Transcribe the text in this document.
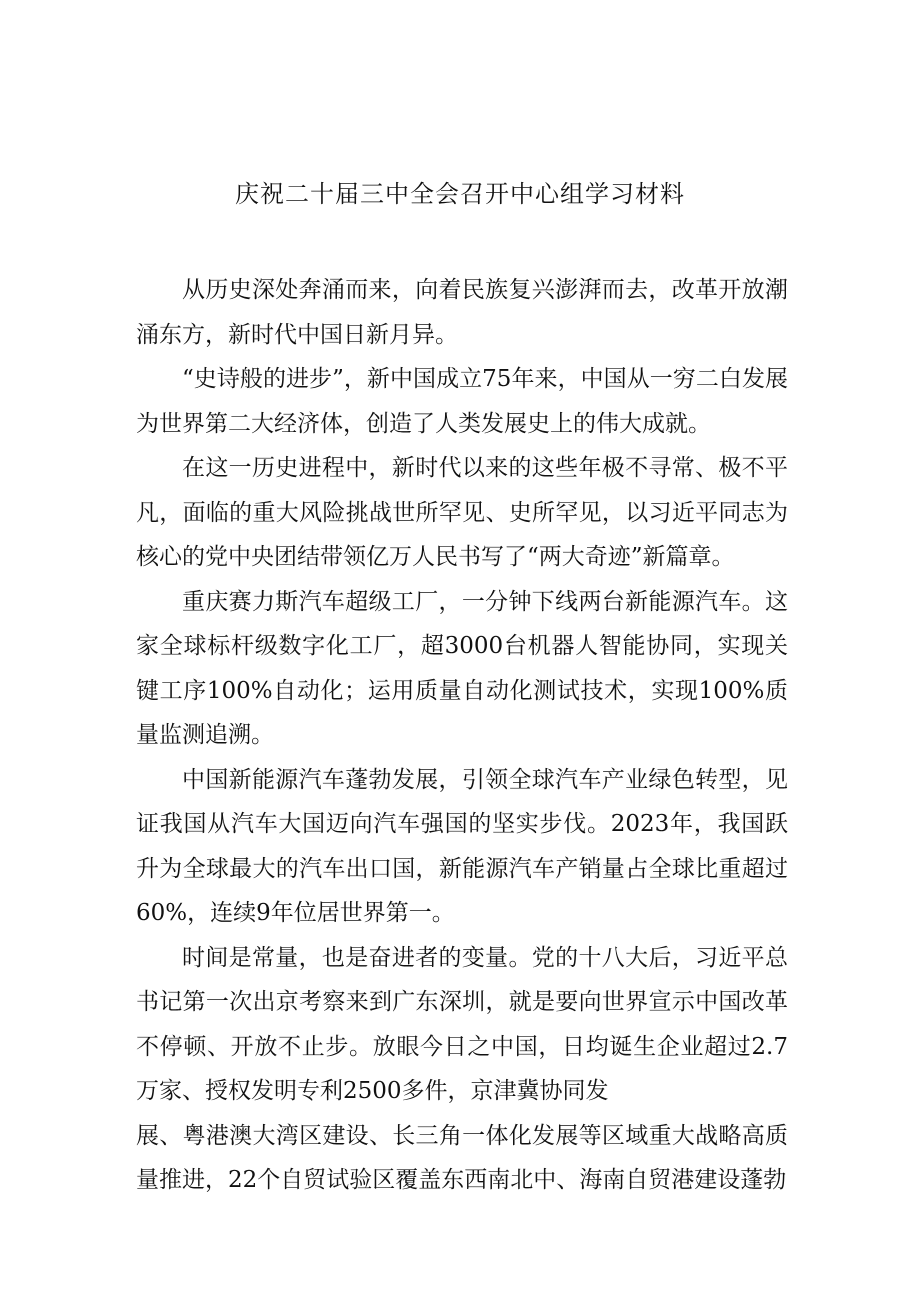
庆祝二十届三中全会召开中心组学习材料

从历史深处奔涌而来，向着民族复兴澎湃而去，改革开放潮涌东方，新时代中国日新月异。

“史诗般的进步”，新中国成立75年来，中国从一穷二白发展为世界第二大经济体，创造了人类发展史上的伟大成就。

在这一历史进程中，新时代以来的这些年极不寻常、极不平凡，面临的重大风险挑战世所罕见、史所罕见，以习近平同志为核心的党中央团结带领亿万人民书写了“两大奇迹”新篇章。

重庆赛力斯汽车超级工厂，一分钟下线两台新能源汽车。这家全球标杆级数字化工厂，超3000台机器人智能协同，实现关键工序100%自动化；运用质量自动化测试技术，实现100%质量监测追溯。

中国新能源汽车蓬勃发展，引领全球汽车产业绿色转型，见证我国从汽车大国迈向汽车强国的坚实步伐。2023年，我国跃升为全球最大的汽车出口国，新能源汽车产销量占全球比重超过60%，连续9年位居世界第一。

时间是常量，也是奋进者的变量。党的十八大后，习近平总书记第一次出京考察来到广东深圳，就是要向世界宣示中国改革不停顿、开放不止步。放眼今日之中国，日均诞生企业超过2.7万家、授权发明专利2500多件，京津冀协同发

展、粤港澳大湾区建设、长三角一体化发展等区域重大战略高质量推进，22个自贸试验区覆盖东西南北中、海南自贸港建设蓬勃
